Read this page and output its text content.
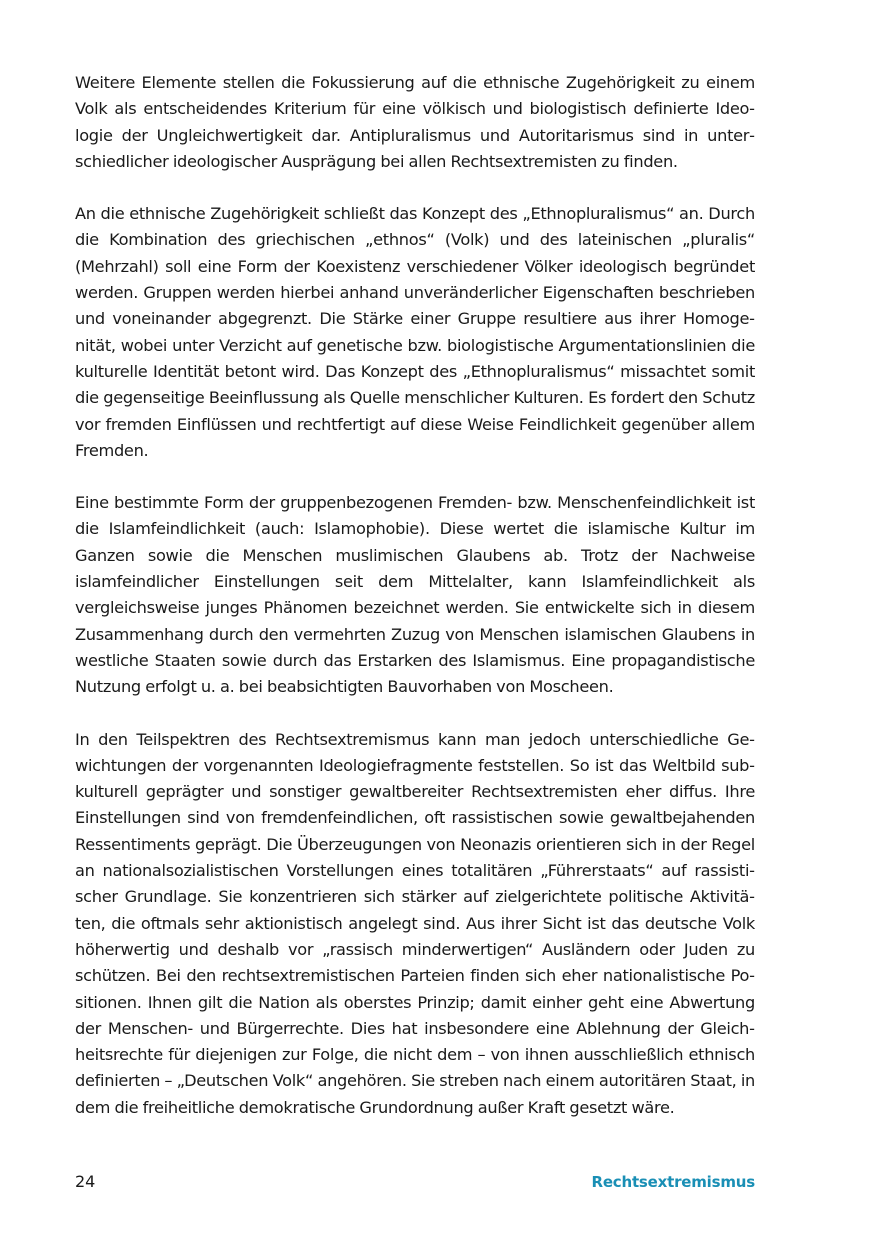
Weitere Elemente stellen die Fokussierung auf die ethnische Zugehörigkeit zu einem Volk als entscheidendes Kriterium für eine völkisch und biologistisch definierte Ideologie der Ungleichwertigkeit dar. Antipluralismus und Autoritarismus sind in unterschiedlicher ideologischer Ausprägung bei allen Rechtsextremisten zu finden.

An die ethnische Zugehörigkeit schließt das Konzept des „Ethnopluralismus“ an. Durch die Kombination des griechischen „ethnos“ (Volk) und des lateinischen „pluralis“ (Mehrzahl) soll eine Form der Koexistenz verschiedener Völker ideologisch begründet werden. Gruppen werden hierbei anhand unveränderlicher Eigenschaften beschrieben und voneinander abgegrenzt. Die Stärke einer Gruppe resultiere aus ihrer Homogenität, wobei unter Verzicht auf genetische bzw. biologistische Argumentationslinien die kulturelle Identität betont wird. Das Konzept des „Ethnopluralismus“ missachtet somit die gegenseitige Beeinflussung als Quelle menschlicher Kulturen. Es fordert den Schutz vor fremden Einflüssen und rechtfertigt auf diese Weise Feindlichkeit gegenüber allem Fremden.

Eine bestimmte Form der gruppenbezogenen Fremden- bzw. Menschenfeindlichkeit ist die Islamfeindlichkeit (auch: Islamophobie). Diese wertet die islamische Kultur im Ganzen sowie die Menschen muslimischen Glaubens ab. Trotz der Nachweise islamfeindlicher Einstellungen seit dem Mittelalter, kann Islamfeindlichkeit als vergleichsweise junges Phänomen bezeichnet werden. Sie entwickelte sich in diesem Zusammenhang durch den vermehrten Zuzug von Menschen islamischen Glaubens in westliche Staaten sowie durch das Erstarken des Islamismus. Eine propagandistische Nutzung erfolgt u. a. bei beabsichtigten Bauvorhaben von Moscheen.

In den Teilspektren des Rechtsextremismus kann man jedoch unterschiedliche Gewichtungen der vorgenannten Ideologiefragmente feststellen. So ist das Weltbild subkulturell geprägter und sonstiger gewaltbereiter Rechtsextremisten eher diffus. Ihre Einstellungen sind von fremdenfeindlichen, oft rassistischen sowie gewaltbejahenden Ressentiments geprägt. Die Überzeugungen von Neonazis orientieren sich in der Regel an nationalsozialistischen Vorstellungen eines totalitären „Führerstaats“ auf rassistischer Grundlage. Sie konzentrieren sich stärker auf zielgerichtete politische Aktivitäten, die oftmals sehr aktionistisch angelegt sind. Aus ihrer Sicht ist das deutsche Volk höherwertig und deshalb vor „rassisch minderwertigen“ Ausländern oder Juden zu schützen. Bei den rechtsextremistischen Parteien finden sich eher nationalistische Positionen. Ihnen gilt die Nation als oberstes Prinzip; damit einher geht eine Abwertung der Menschen- und Bürgerrechte. Dies hat insbesondere eine Ablehnung der Gleichheitsrechte für diejenigen zur Folge, die nicht dem – von ihnen ausschließlich ethnisch definierten – „Deutschen Volk“ angehören. Sie streben nach einem autoritären Staat, in dem die freiheitliche demokratische Grundordnung außer Kraft gesetzt wäre.

24	Rechtsextremismus
